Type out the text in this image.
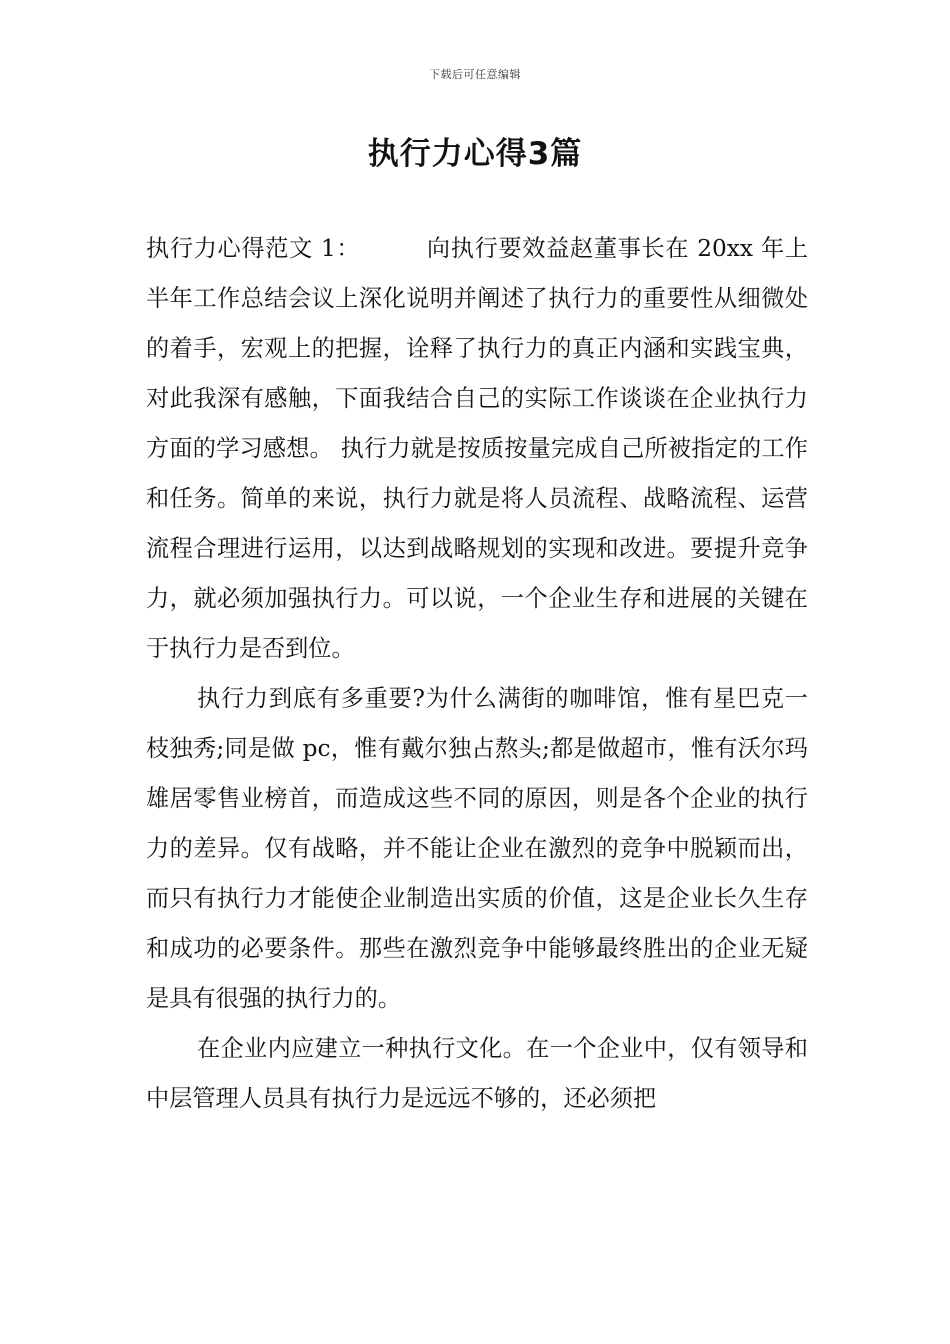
下载后可任意编辑
执行力心得3篇

执行力心得范文 1：	向执行要效益赵董事长在 20xx 年上半年工作总结会议上深化说明并阐述了执行力的重要性从细微处的着手，宏观上的把握，诠释了执行力的真正内涵和实践宝典，对此我深有感触，下面我结合自己的实际工作谈谈在企业执行力方面的学习感想。 执行力就是按质按量完成自己所被指定的工作和任务。简单的来说，执行力就是将人员流程、战略流程、运营流程合理进行运用，以达到战略规划的实现和改进。要提升竞争力，就必须加强执行力。可以说，一个企业生存和进展的关键在于执行力是否到位。

执行力到底有多重要?为什么满街的咖啡馆，惟有星巴克一枝独秀;同是做 pc，惟有戴尔独占熬头;都是做超市，惟有沃尔玛雄居零售业榜首，而造成这些不同的原因，则是各个企业的执行力的差异。仅有战略，并不能让企业在激烈的竞争中脱颖而出，而只有执行力才能使企业制造出实质的价值，这是企业长久生存和成功的必要条件。那些在激烈竞争中能够最终胜出的企业无疑是具有很强的执行力的。

在企业内应建立一种执行文化。在一个企业中，仅有领导和中层管理人员具有执行力是远远不够的，还必须把
